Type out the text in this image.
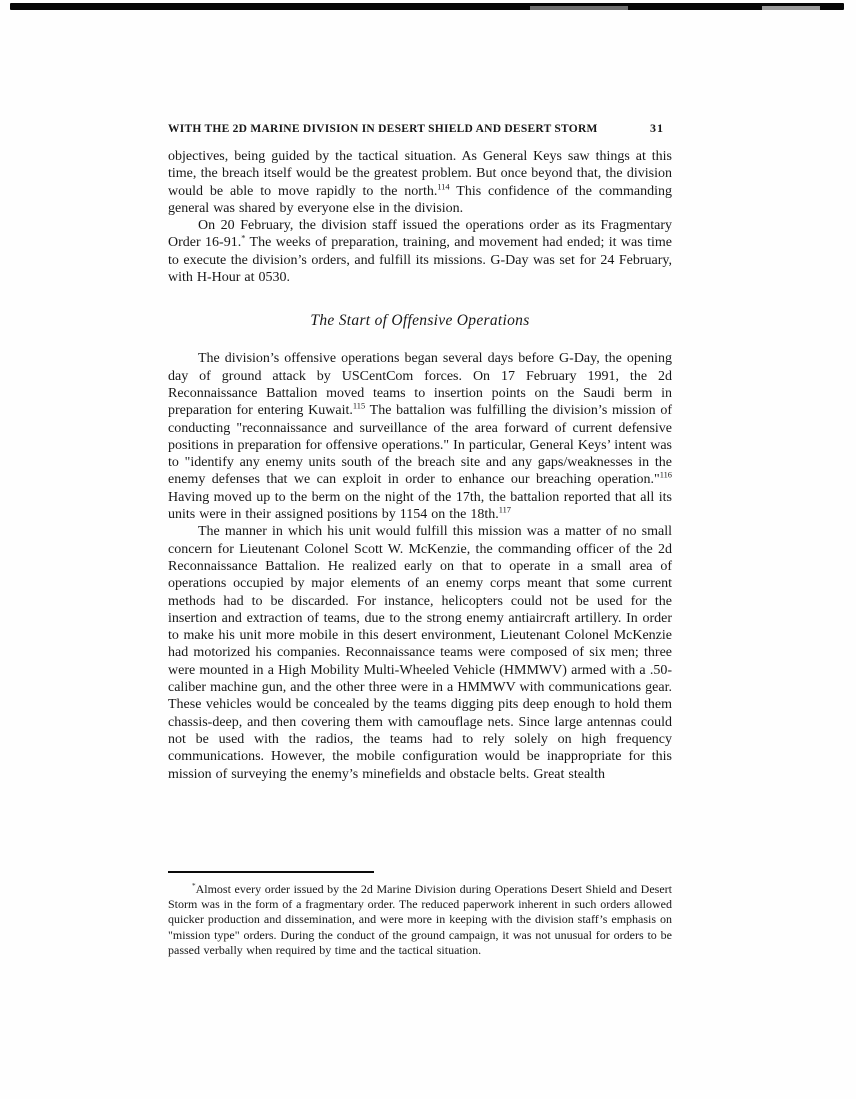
WITH THE 2D MARINE DIVISION IN DESERT SHIELD AND DESERT STORM	31

objectives, being guided by the tactical situation. As General Keys saw things at this time, the breach itself would be the greatest problem. But once beyond that, the division would be able to move rapidly to the north.$^{114}$ This confidence of the commanding general was shared by everyone else in the division.

On 20 February, the division staff issued the operations order as its Fragmentary Order 16-91.* The weeks of preparation, training, and movement had ended; it was time to execute the division’s orders, and fulfill its missions. G-Day was set for 24 February, with H-Hour at 0530.

The Start of Offensive Operations

The division’s offensive operations began several days before G-Day, the opening day of ground attack by USCentCom forces. On 17 February 1991, the 2d Reconnaissance Battalion moved teams to insertion points on the Saudi berm in preparation for entering Kuwait.$^{115}$ The battalion was fulfilling the division’s mission of conducting "reconnaissance and surveillance of the area forward of current defensive positions in preparation for offensive operations." In particular, General Keys’ intent was to "identify any enemy units south of the breach site and any gaps/weaknesses in the enemy defenses that we can exploit in order to enhance our breaching operation."$^{116}$ Having moved up to the berm on the night of the 17th, the battalion reported that all its units were in their assigned positions by 1154 on the 18th.$^{117}$

The manner in which his unit would fulfill this mission was a matter of no small concern for Lieutenant Colonel Scott W. McKenzie, the commanding officer of the 2d Reconnaissance Battalion. He realized early on that to operate in a small area of operations occupied by major elements of an enemy corps meant that some current methods had to be discarded. For instance, helicopters could not be used for the insertion and extraction of teams, due to the strong enemy antiaircraft artillery. In order to make his unit more mobile in this desert environment, Lieutenant Colonel McKenzie had motorized his companies. Reconnaissance teams were composed of six men; three were mounted in a High Mobility Multi-Wheeled Vehicle (HMMWV) armed with a .50-caliber machine gun, and the other three were in a HMMWV with communications gear. These vehicles would be concealed by the teams digging pits deep enough to hold them chassis-deep, and then covering them with camouflage nets. Since large antennas could not be used with the radios, the teams had to rely solely on high frequency communications. However, the mobile configuration would be inappropriate for this mission of surveying the enemy’s minefields and obstacle belts. Great stealth

*Almost every order issued by the 2d Marine Division during Operations Desert Shield and Desert Storm was in the form of a fragmentary order. The reduced paperwork inherent in such orders allowed quicker production and dissemination, and were more in keeping with the division staff’s emphasis on "mission type" orders. During the conduct of the ground campaign, it was not unusual for orders to be passed verbally when required by time and the tactical situation.
